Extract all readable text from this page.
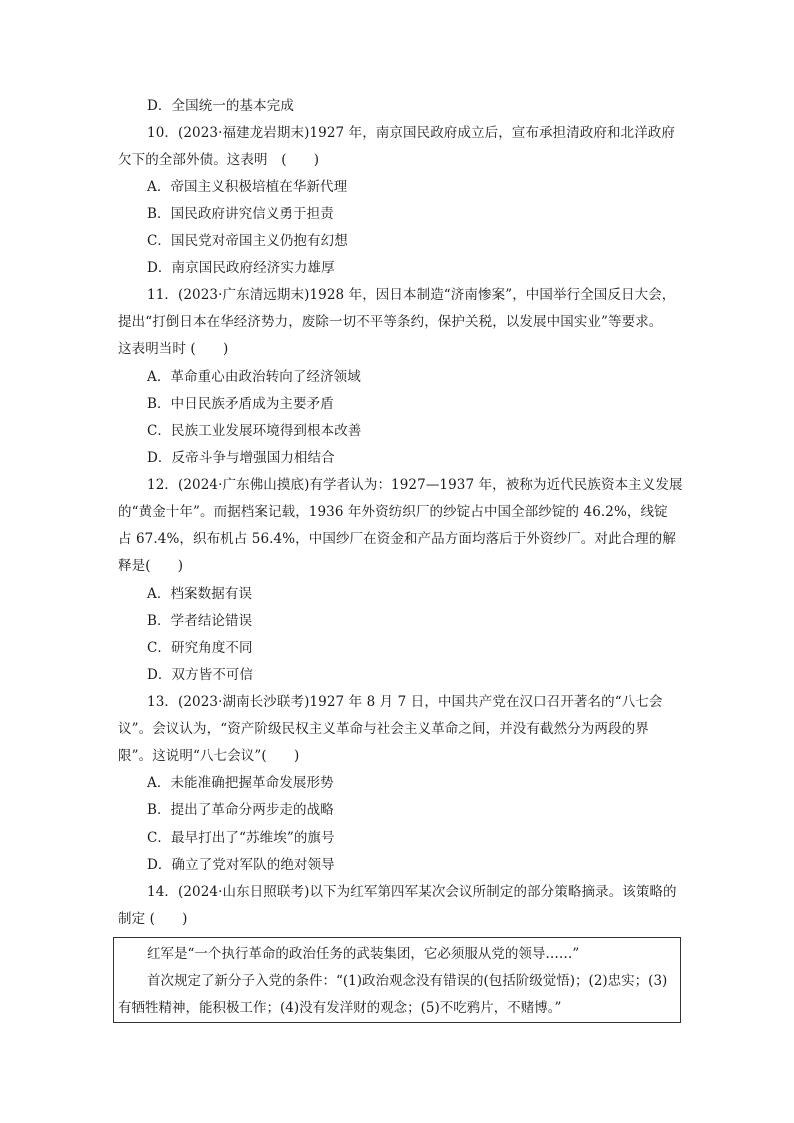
D．全国统一的基本完成
10．(2023·福建龙岩期末)1927 年，南京国民政府成立后，宣布承担清政府和北洋政府
欠下的全部外债。这表明　(　　)
A．帝国主义积极培植在华新代理
B．国民政府讲究信义勇于担责
C．国民党对帝国主义仍抱有幻想
D．南京国民政府经济实力雄厚
11．(2023·广东清远期末)1928 年，因日本制造“济南惨案”，中国举行全国反日大会，
提出“打倒日本在华经济势力，废除一切不平等条约，保护关税，以发展中国实业”等要求。
这表明当时 (　　)
A．革命重心由政治转向了经济领域
B．中日民族矛盾成为主要矛盾
C．民族工业发展环境得到根本改善
D．反帝斗争与增强国力相结合
12．(2024·广东佛山摸底)有学者认为：1927—1937 年，被称为近代民族资本主义发展
的“黄金十年”。而据档案记载，1936 年外资纺织厂的纱锭占中国全部纱锭的 46.2%，线锭
占 67.4%，织布机占 56.4%，中国纱厂在资金和产品方面均落后于外资纱厂。对此合理的解
释是(　　)
A．档案数据有误
B．学者结论错误
C．研究角度不同
D．双方皆不可信
13．(2023·湖南长沙联考)1927 年 8 月 7 日，中国共产党在汉口召开著名的“八七会
议”。会议认为，“资产阶级民权主义革命与社会主义革命之间，并没有截然分为两段的界
限”。这说明“八七会议”(　　)
A．未能准确把握革命发展形势
B．提出了革命分两步走的战略
C．最早打出了“苏维埃”的旗号
D．确立了党对军队的绝对领导
14．(2024·山东日照联考)以下为红军第四军某次会议所制定的部分策略摘录。该策略的
制定 (　　)
红军是“一个执行革命的政治任务的武装集团，它必须服从党的领导……”
首次规定了新分子入党的条件：“(1)政治观念没有错误的(包括阶级觉悟)；(2)忠实；(3)
有牺牲精神，能积极工作；(4)没有发洋财的观念；(5)不吃鸦片，不赌博。”
